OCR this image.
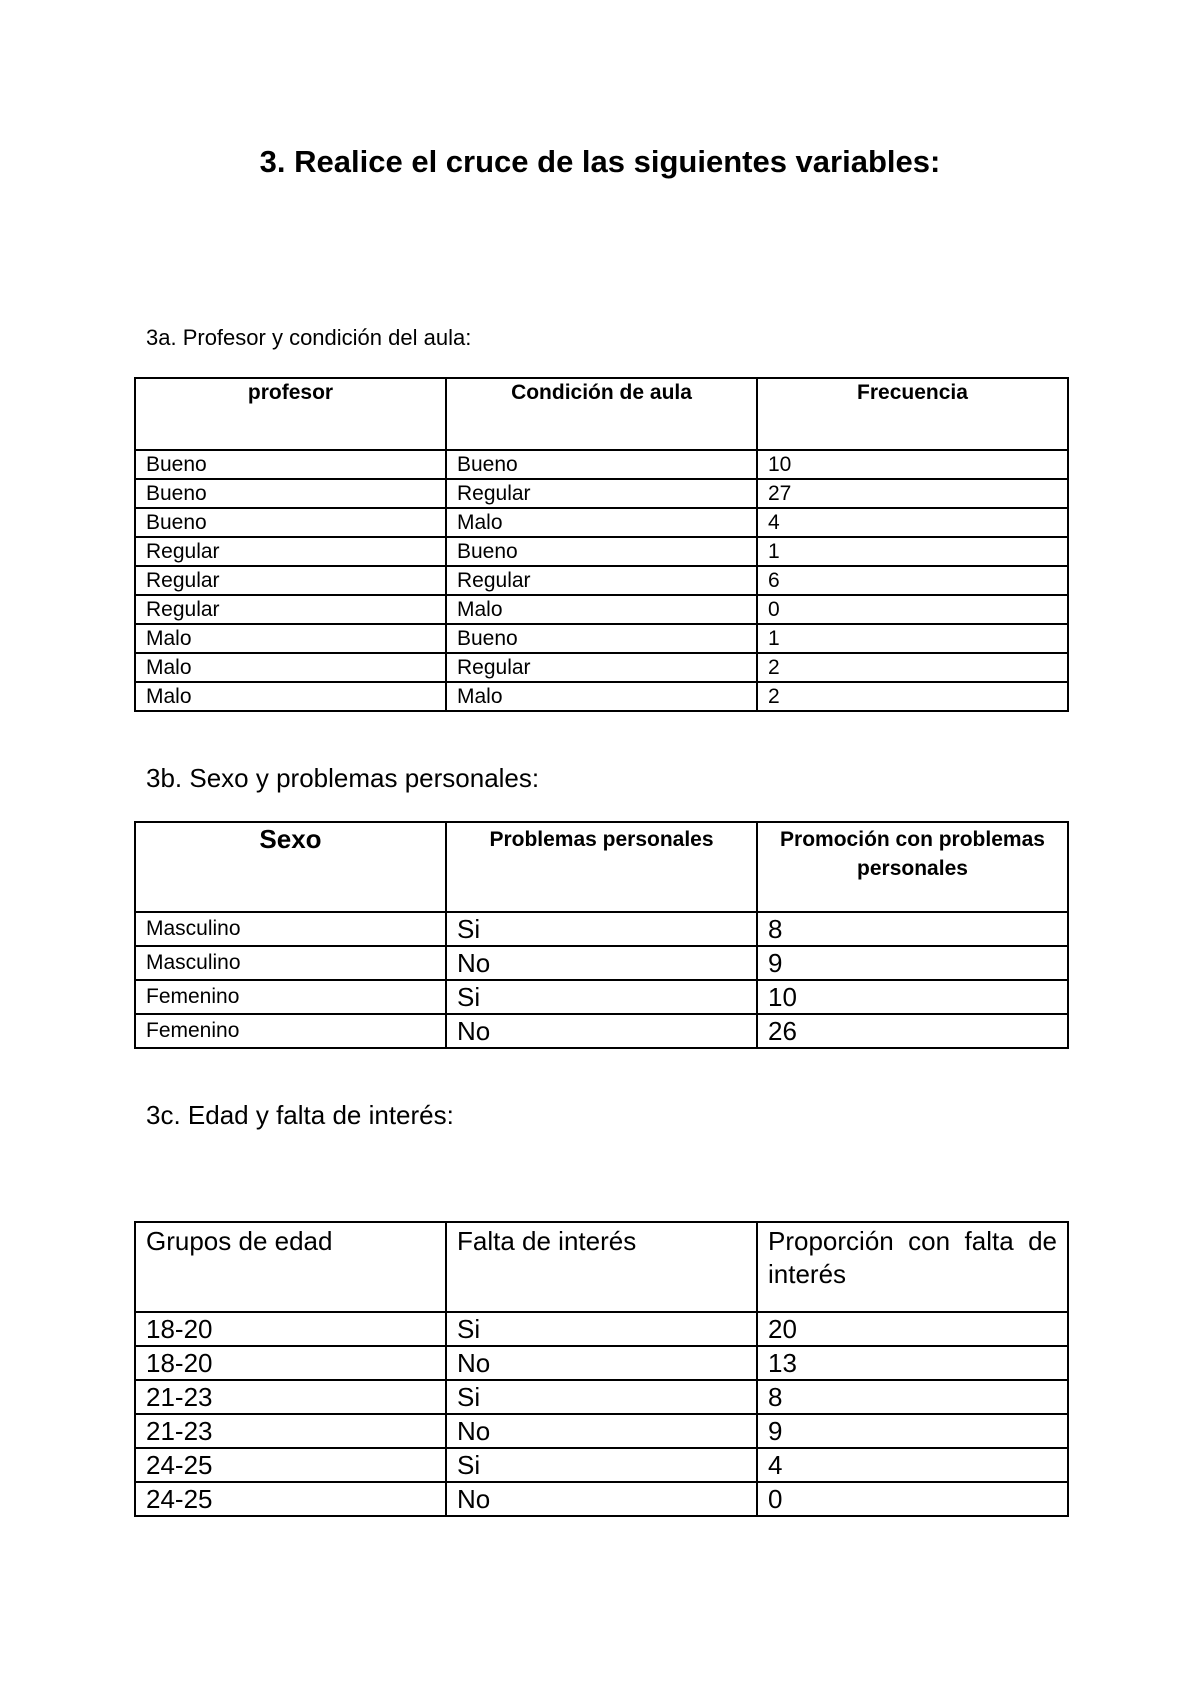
3. Realice el cruce de las siguientes variables:
3a. Profesor y condición del aula:
profesor	Condición de aula	Frecuencia
Bueno	Bueno	10
Bueno	Regular	27
Bueno	Malo	4
Regular	Bueno	1
Regular	Regular	6
Regular	Malo	0
Malo	Bueno	1
Malo	Regular	2
Malo	Malo	2
3b. Sexo y problemas personales:
Sexo	Problemas personales	Promoción con problemas personales
Masculino	Si	8
Masculino	No	9
Femenino	Si	10
Femenino	No	26
3c. Edad y falta de interés:
Grupos de edad	Falta de interés	Proporción con falta de interés
18-20	Si	20
18-20	No	13
21-23	Si	8
21-23	No	9
24-25	Si	4
24-25	No	0
